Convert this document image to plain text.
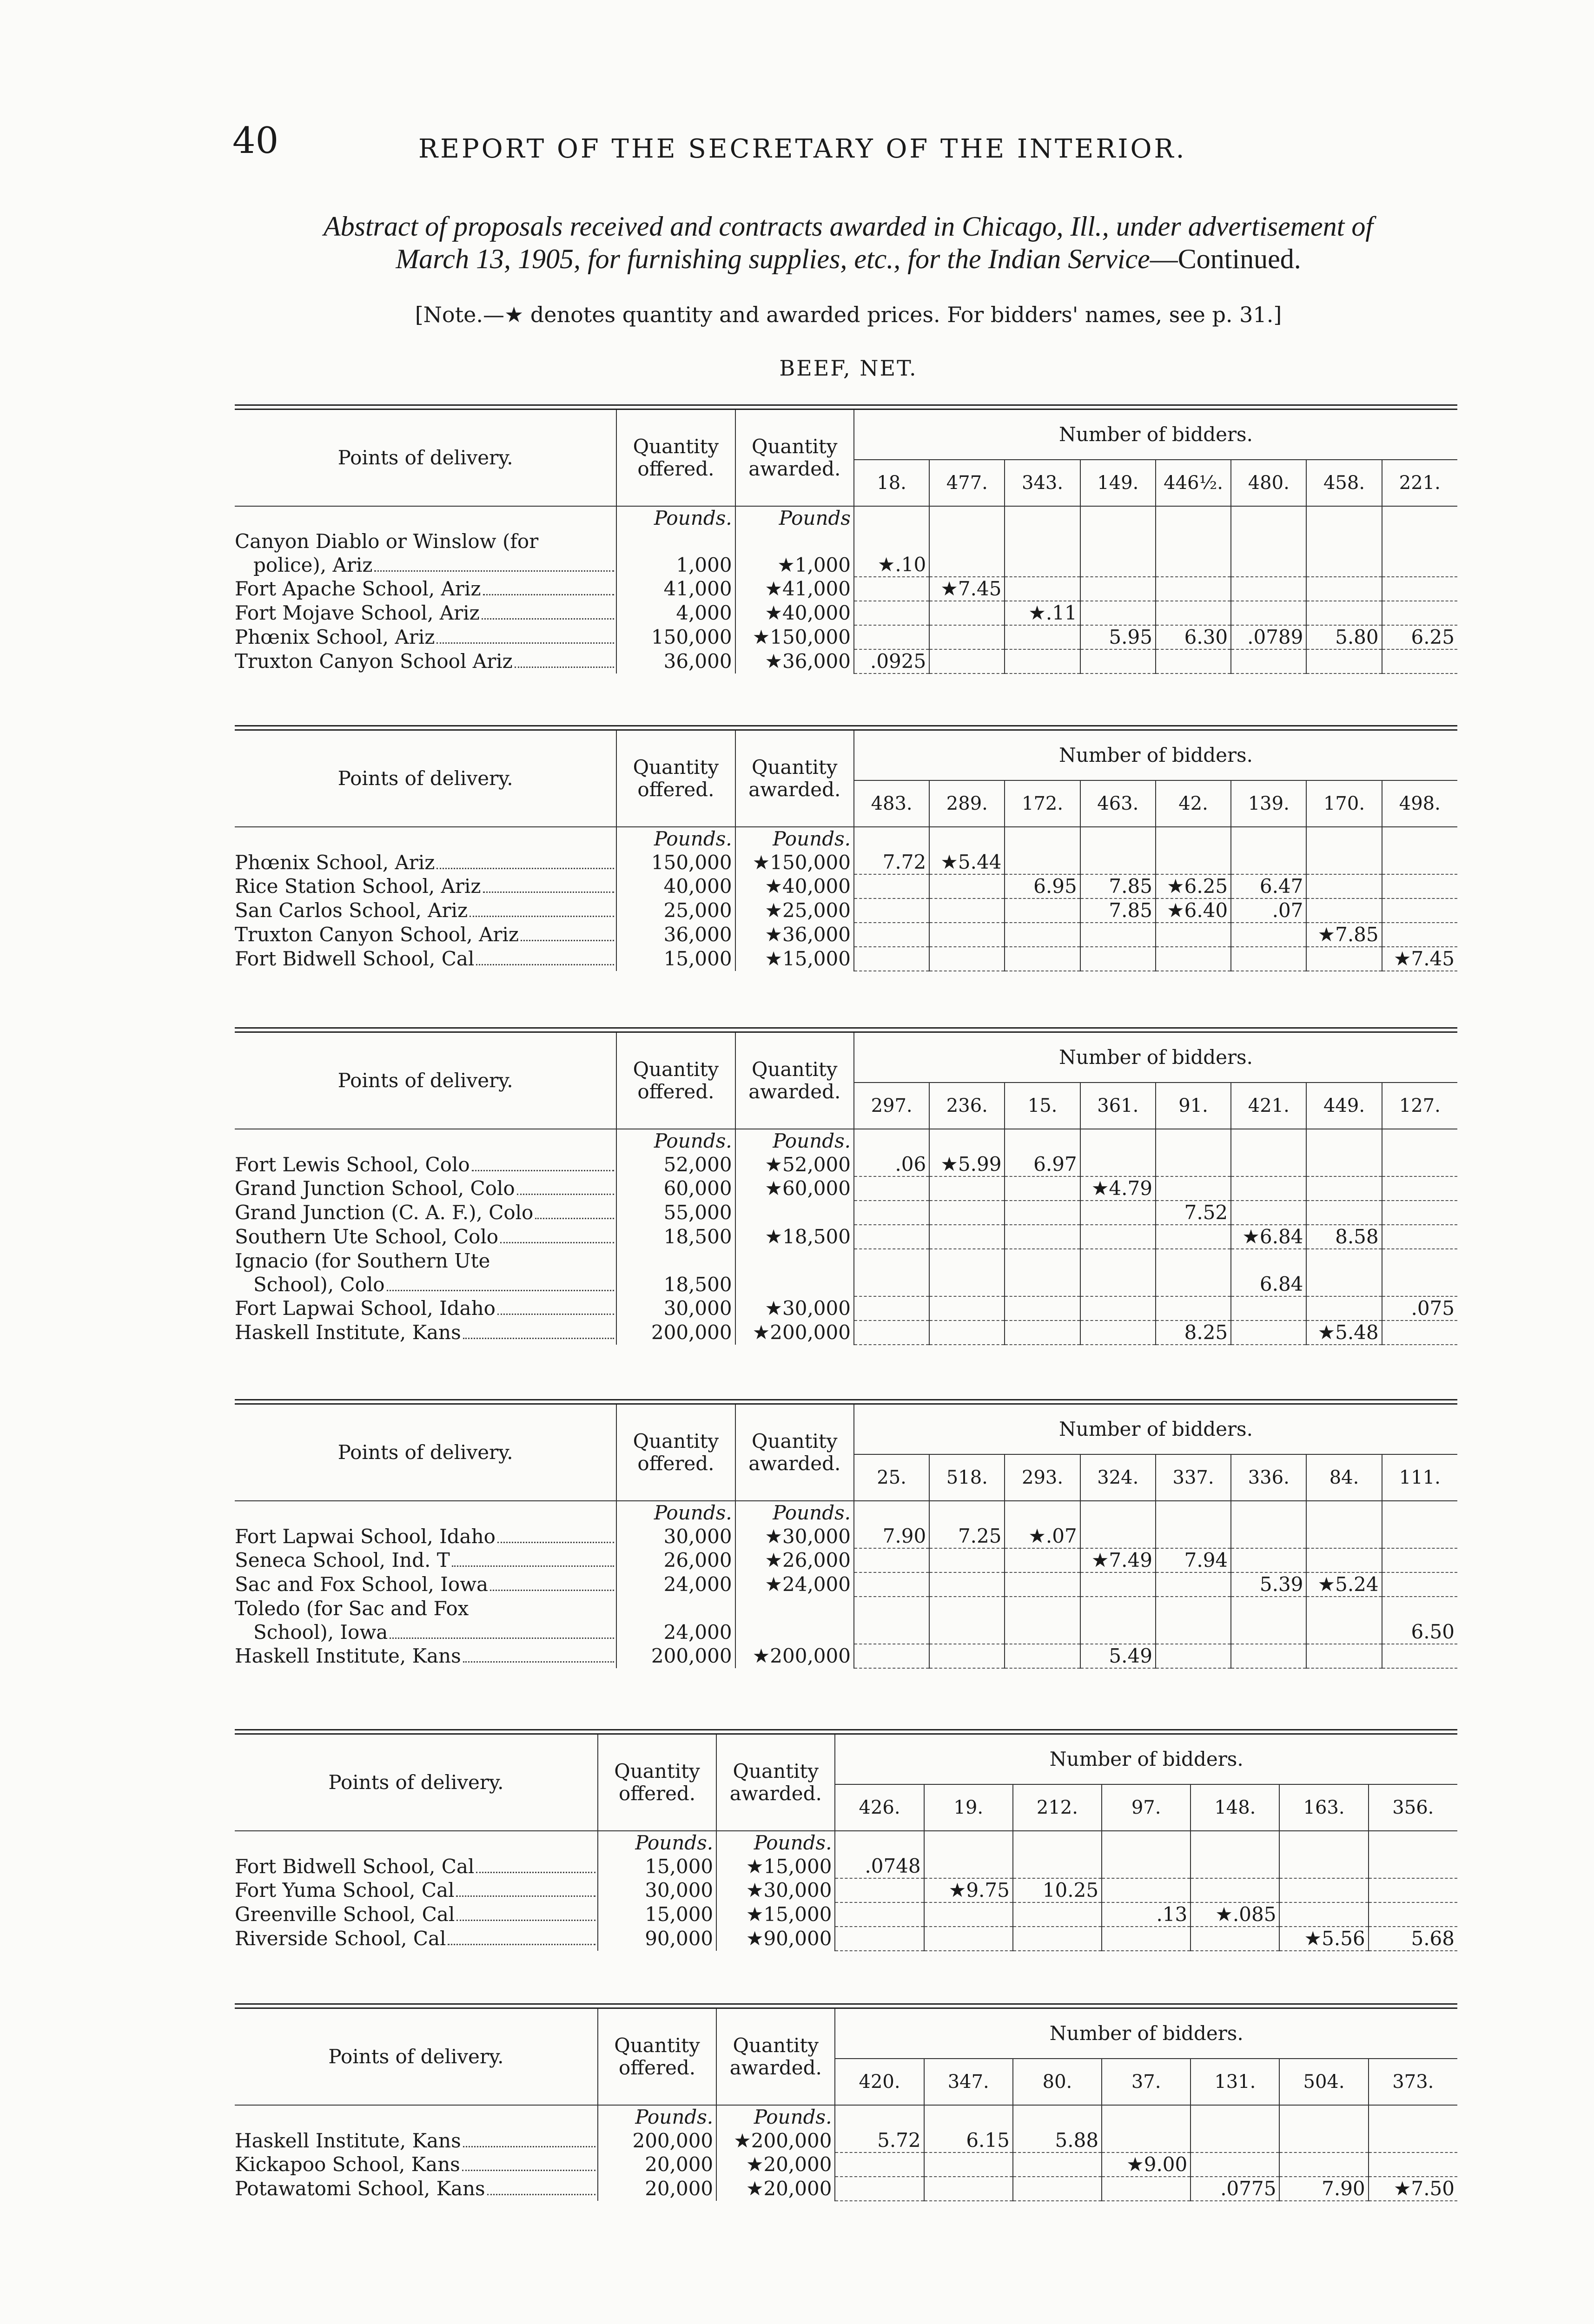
40	REPORT OF THE SECRETARY OF THE INTERIOR.
Abstract of proposals received and contracts awarded in Chicago, Ill., under advertisement of
March 13, 1905, for furnishing supplies, etc., for the Indian Service—Continued.
[Note.—★ denotes quantity and awarded prices. For bidders' names, see p. 31.]
BEEF, NET.
Points of delivery.	Quantity offered.	Quantity awarded.	Number of bidders.							
			18.	477.	343.	149.	446½.	480.	458.	221.
	Pounds.	Pounds								
Canyon Diablo or Winslow (for										

police), Ariz	1,000	★1,000	★.10							

Fort Apache School, Ariz	41,000	★41,000		★7.45						

Fort Mojave School, Ariz	4,000	★40,000			★.11					

Phœnix School, Ariz	150,000	★150,000				5.95	6.30	.0789	5.80	6.25

Truxton Canyon School Ariz	36,000	★36,000	.0925							
Points of delivery.	Quantity offered.	Quantity awarded.	Number of bidders.							
			483.	289.	172.	463.	42.	139.	170.	498.
	Pounds.	Pounds.								

Phœnix School, Ariz	150,000	★150,000	7.72	★5.44						

Rice Station School, Ariz	40,000	★40,000			6.95	7.85	★6.25	6.47		

San Carlos School, Ariz	25,000	★25,000				7.85	★6.40	.07		

Truxton Canyon School, Ariz	36,000	★36,000							★7.85	

Fort Bidwell School, Cal	15,000	★15,000								★7.45
Points of delivery.	Quantity offered.	Quantity awarded.	Number of bidders.							
			297.	236.	15.	361.	91.	421.	449.	127.
	Pounds.	Pounds.								

Fort Lewis School, Colo	52,000	★52,000	.06	★5.99	6.97					

Grand Junction School, Colo	60,000	★60,000				★4.79				

Grand Junction (C. A. F.), Colo	55,000						7.52			

Southern Ute School, Colo	18,500	★18,500						★6.84	8.58	
Ignacio (for Southern Ute										

School), Colo	18,500							6.84		

Fort Lapwai School, Idaho	30,000	★30,000								.075

Haskell Institute, Kans	200,000	★200,000					8.25		★5.48	
Points of delivery.	Quantity offered.	Quantity awarded.	Number of bidders.							
			25.	518.	293.	324.	337.	336.	84.	111.
	Pounds.	Pounds.								

Fort Lapwai School, Idaho	30,000	★30,000	7.90	7.25	★.07					

Seneca School, Ind. T	26,000	★26,000				★7.49	7.94			

Sac and Fox School, Iowa	24,000	★24,000						5.39	★5.24	
Toledo (for Sac and Fox										

School), Iowa	24,000									6.50

Haskell Institute, Kans	200,000	★200,000				5.49				
Points of delivery.	Quantity offered.	Quantity awarded.	Number of bidders.						
			426.	19.	212.	97.	148.	163.	356.
	Pounds.	Pounds.							

Fort Bidwell School, Cal	15,000	★15,000	.0748						

Fort Yuma School, Cal	30,000	★30,000		★9.75	10.25				

Greenville School, Cal	15,000	★15,000				.13	★.085		

Riverside School, Cal	90,000	★90,000						★5.56	5.68
Points of delivery.	Quantity offered.	Quantity awarded.	Number of bidders.						
			420.	347.	80.	37.	131.	504.	373.
	Pounds.	Pounds.							

Haskell Institute, Kans	200,000	★200,000	5.72	6.15	5.88				

Kickapoo School, Kans	20,000	★20,000				★9.00			

Potawatomi School, Kans	20,000	★20,000					.0775	7.90	★7.50
